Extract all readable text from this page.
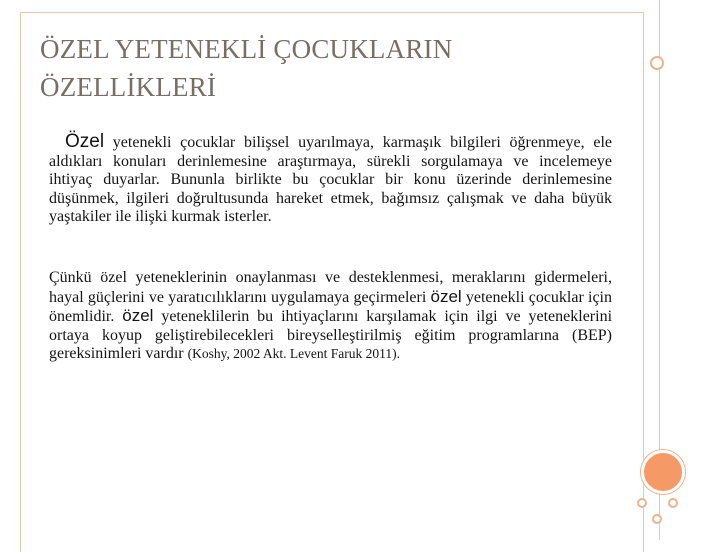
ÖZEL YETENEKLİ ÇOCUKLARIN ÖZELLİKLERİ

Özel yetenekli çocuklar bilişsel uyarılmaya, karmaşık bilgileri öğrenmeye, ele aldıkları konuları derinlemesine araştırmaya, sürekli sorgulamaya ve incelemeye ihtiyaç duyarlar. Bununla birlikte bu çocuklar bir konu üzerinde derinlemesine düşünmek, ilgileri doğrultusunda hareket etmek, bağımsız çalışmak ve daha büyük yaştakiler ile ilişki kurmak isterler.

Çünkü özel yeteneklerinin onaylanması ve desteklenmesi, meraklarını gidermeleri, hayal güçlerini ve yaratıcılıklarını uygulamaya geçirmeleri özel yetenekli çocuklar için önemlidir. özel yeteneklilerin bu ihtiyaçlarını karşılamak için ilgi ve yeteneklerini ortaya koyup geliştirebilecekleri bireyselleştirilmiş eğitim programlarına (BEP) gereksinimleri vardır (Koshy, 2002 Akt. Levent Faruk 2011).
